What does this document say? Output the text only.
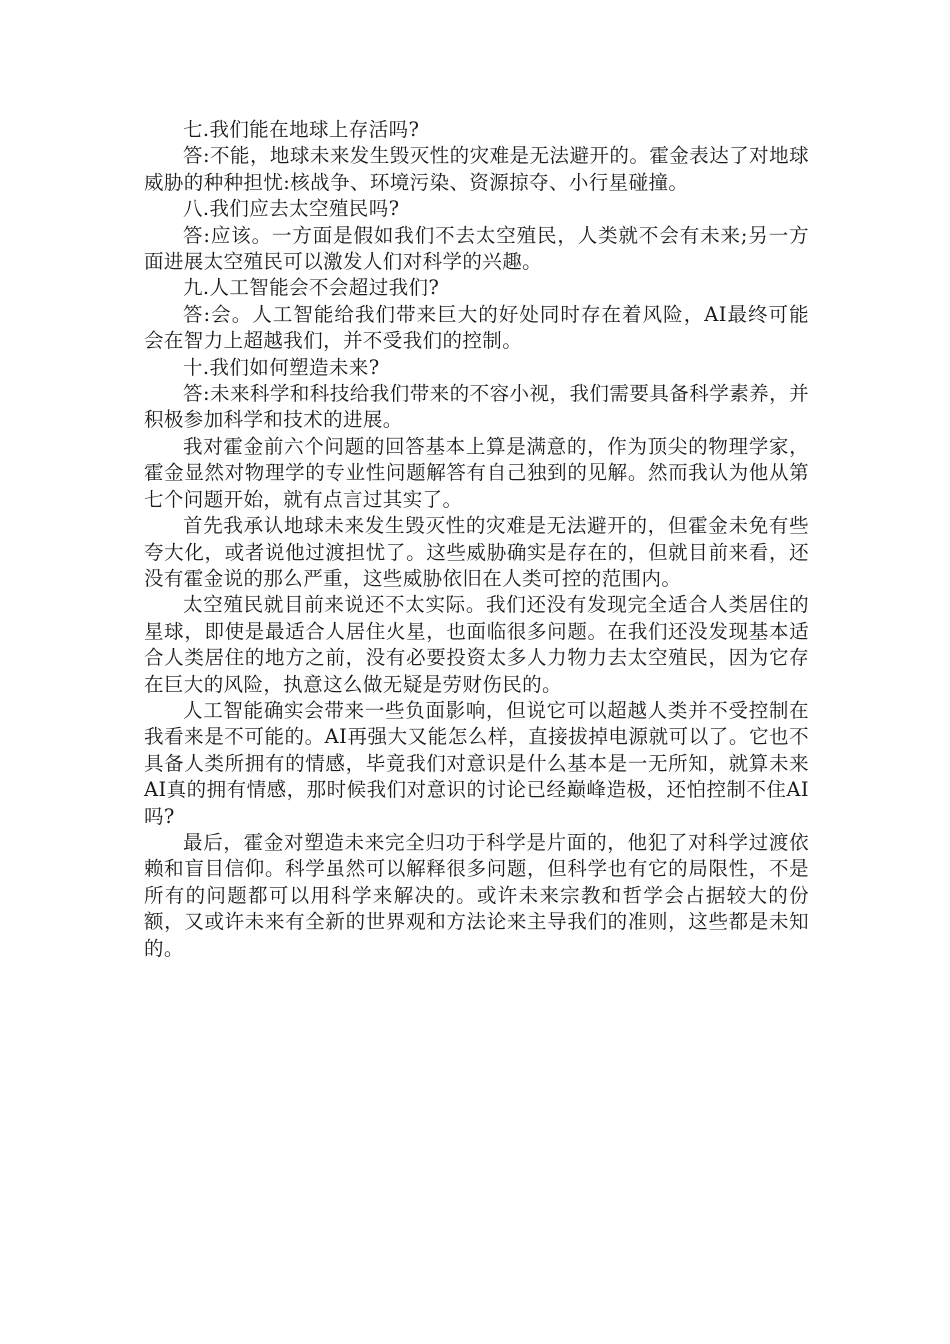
七.我们能在地球上存活吗?

答:不能，地球未来发生毁灭性的灾难是无法避开的。霍金表达了对地球威胁的种种担忧:核战争、环境污染、资源掠夺、小行星碰撞。

八.我们应去太空殖民吗?

答:应该。一方面是假如我们不去太空殖民，人类就不会有未来;另一方面进展太空殖民可以激发人们对科学的兴趣。

九.人工智能会不会超过我们?

答:会。人工智能给我们带来巨大的好处同时存在着风险，AI最终可能会在智力上超越我们，并不受我们的控制。

十.我们如何塑造未来?

答:未来科学和科技给我们带来的不容小视，我们需要具备科学素养，并积极参加科学和技术的进展。

我对霍金前六个问题的回答基本上算是满意的，作为顶尖的物理学家，霍金显然对物理学的专业性问题解答有自己独到的见解。然而我认为他从第七个问题开始，就有点言过其实了。

首先我承认地球未来发生毁灭性的灾难是无法避开的，但霍金未免有些夸大化，或者说他过渡担忧了。这些威胁确实是存在的，但就目前来看，还没有霍金说的那么严重，这些威胁依旧在人类可控的范围内。

太空殖民就目前来说还不太实际。我们还没有发现完全适合人类居住的星球，即使是最适合人居住火星，也面临很多问题。在我们还没发现基本适合人类居住的地方之前，没有必要投资太多人力物力去太空殖民，因为它存在巨大的风险，执意这么做无疑是劳财伤民的。

人工智能确实会带来一些负面影响，但说它可以超越人类并不受控制在我看来是不可能的。AI再强大又能怎么样，直接拔掉电源就可以了。它也不具备人类所拥有的情感，毕竟我们对意识是什么基本是一无所知，就算未来AI真的拥有情感，那时候我们对意识的讨论已经巅峰造极，还怕控制不住AI吗?

最后，霍金对塑造未来完全归功于科学是片面的，他犯了对科学过渡依赖和盲目信仰。科学虽然可以解释很多问题，但科学也有它的局限性，不是所有的问题都可以用科学来解决的。或许未来宗教和哲学会占据较大的份额，又或许未来有全新的世界观和方法论来主导我们的准则，这些都是未知的。
